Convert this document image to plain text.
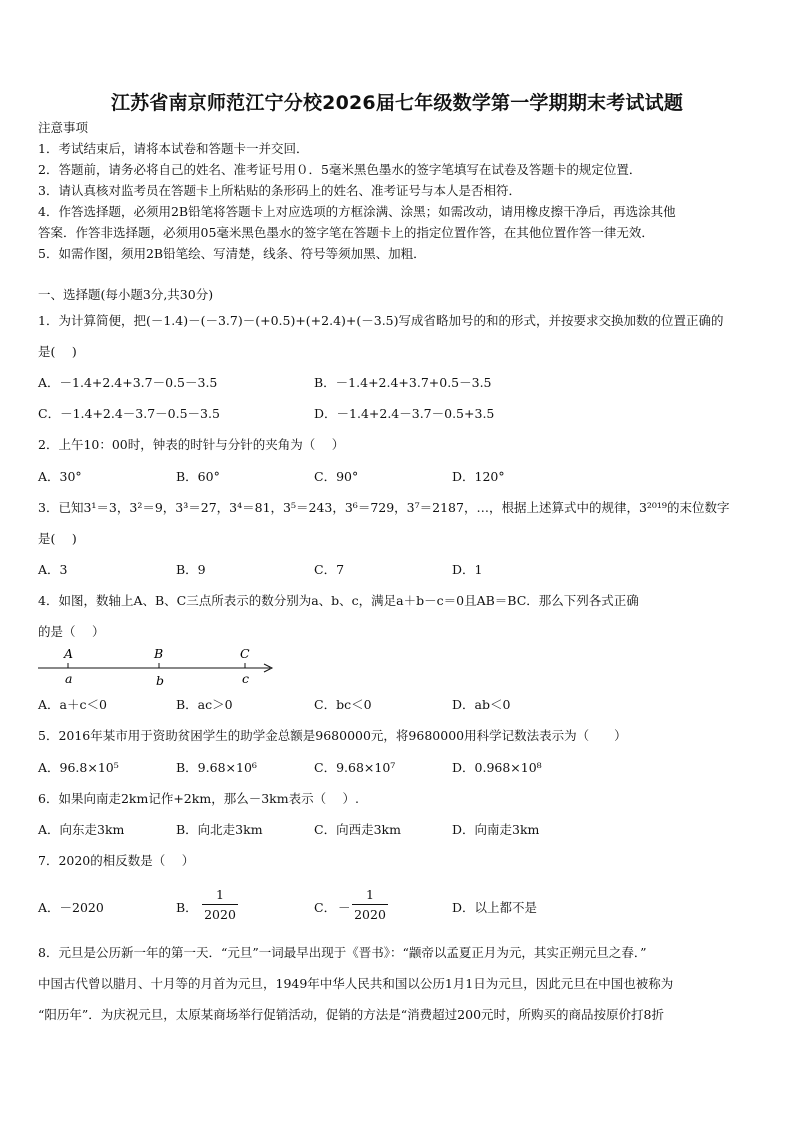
江苏省南京师范江宁分校2026届七年级数学第一学期期末考试试题
注意事项
1．考试结束后，请将本试卷和答题卡一并交回．
2．答题前，请务必将自己的姓名、准考证号用０．5毫米黑色墨水的签字笔填写在试卷及答题卡的规定位置．
3．请认真核对监考员在答题卡上所粘贴的条形码上的姓名、准考证号与本人是否相符．
4．作答选择题，必须用2B铅笔将答题卡上对应选项的方框涂满、涂黑；如需改动，请用橡皮擦干净后，再选涂其他
答案．作答非选择题，必须用05毫米黑色墨水的签字笔在答题卡上的指定位置作答，在其他位置作答一律无效．
5．如需作图，须用2B铅笔绘、写清楚，线条、符号等须加黑、加粗．
一、选择题(每小题3分,共30分)
1．为计算简便，把(－1.4)－(－3.7)－(+0.5)+(+2.4)+(－3.5)写成省略加号的和的形式，并按要求交换加数的位置正确的
是(　 )
A．－1.4+2.4+3.7－0.5－3.5	B．－1.4+2.4+3.7+0.5－3.5
C．－1.4+2.4－3.7－0.5－3.5	D．－1.4+2.4－3.7－0.5+3.5
2．上午10：00时，钟表的时针与分针的夹角为（　 ）
A．30°	B．60°	C．90°	D．120°
3．已知3¹＝3，3²＝9，3³＝27，3⁴＝81，3⁵＝243，3⁶＝729，3⁷＝2187，…，根据上述算式中的规律，3²⁰¹⁹的末位数字
是(　 )
A．3	B．9	C．7	D．1
4．如图，数轴上A、B、C三点所表示的数分别为a、b、c，满足a＋b－c＝0且AB＝BC．那么下列各式正确
的是（　 ）
A	B	C
a	b	c
A．a＋c＜0	B．ac＞0	C．bc＜0	D．ab＜0
5．2016年某市用于资助贫困学生的助学金总额是9680000元，将9680000用科学记数法表示为（　　）
A．96.8×10⁵	B．9.68×10⁶	C．9.68×10⁷	D．0.968×10⁸
6．如果向南走2km记作+2km，那么－3km表示（　 ）.
A．向东走3km	B．向北走3km	C．向西走3km	D．向南走3km
7．2020的相反数是（　 ）
A．－2020	B．
1
2020	C． －
1
2020	D．以上都不是
8．元旦是公历新一年的第一天．“元旦”一词最早出现于《晋书》：“颛帝以孟夏正月为元，其实正朔元旦之春．”
中国古代曾以腊月、十月等的月首为元旦，1949年中华人民共和国以公历1月1日为元旦，因此元旦在中国也被称为
“阳历年”．为庆祝元旦，太原某商场举行促销活动，促销的方法是“消费超过200元时，所购买的商品按原价打8折
